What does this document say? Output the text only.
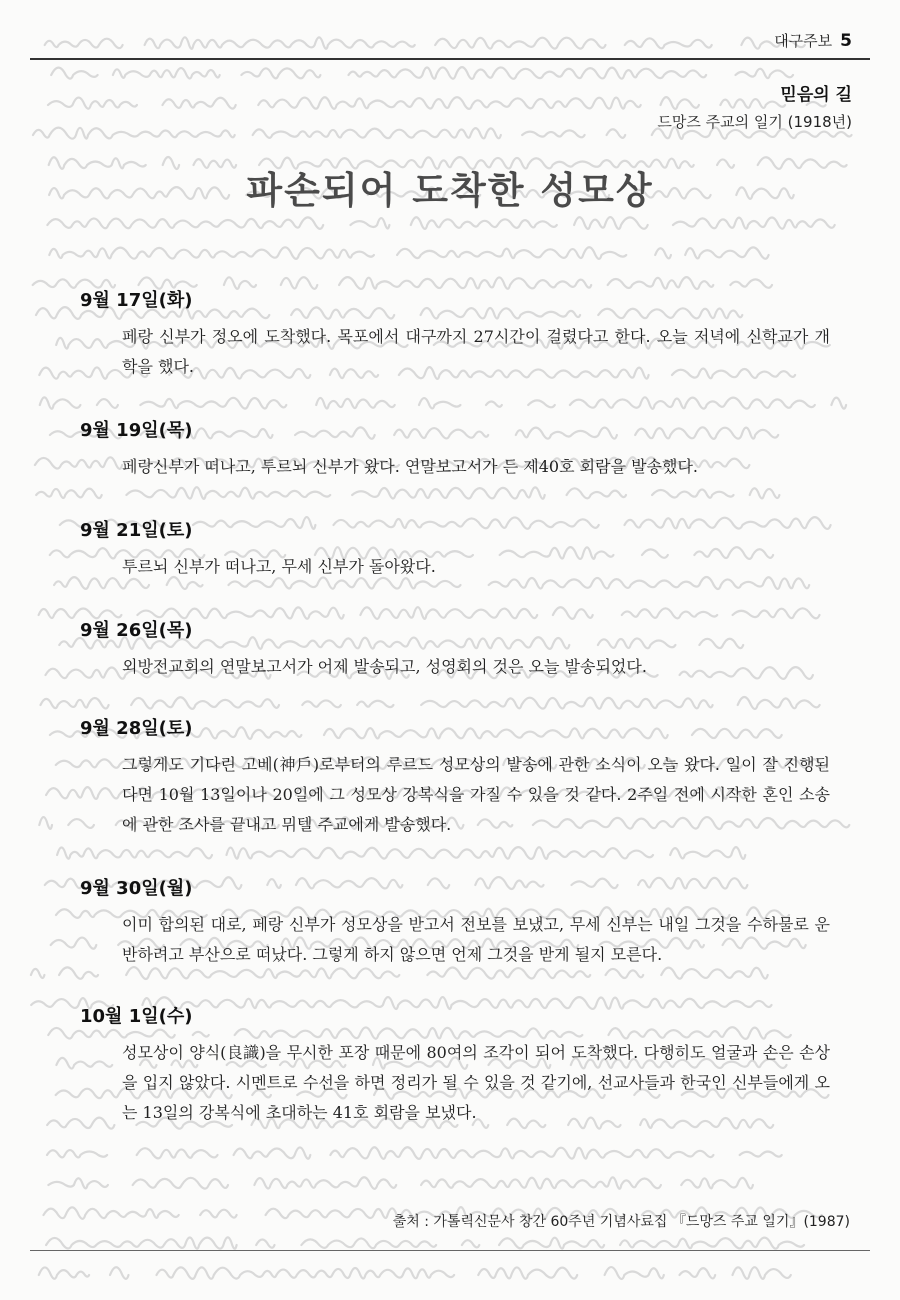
대구주보 5
믿음의 길
드망즈 주교의 일기 (1918년)
파손되어 도착한 성모상

9월 17일(화)

페랑 신부가 정오에 도착했다. 목포에서 대구까지 27시간이 걸렸다고 한다. 오늘 저녁에 신학교가 개학을 했다.

9월 19일(목)

페랑신부가 떠나고, 투르뇌 신부가 왔다. 연말보고서가 든 제40호 회람을 발송했다.

9월 21일(토)

투르뇌 신부가 떠나고, 무세 신부가 돌아왔다.

9월 26일(목)

외방전교회의 연말보고서가 어제 발송되고, 성영회의 것은 오늘 발송되었다.

9월 28일(토)

그렇게도 기다린 고베(神戶)로부터의 루르드 성모상의 발송에 관한 소식이 오늘 왔다. 일이 잘 진행된다면 10월 13일이나 20일에 그 성모상 강복식을 가질 수 있을 것 같다. 2주일 전에 시작한 혼인 소송에 관한 조사를 끝내고 뮈텔 주교에게 발송했다.

9월 30일(월)

이미 합의된 대로, 페랑 신부가 성모상을 받고서 전보를 보냈고, 무세 신부는 내일 그것을 수하물로 운반하려고 부산으로 떠났다. 그렇게 하지 않으면 언제 그것을 받게 될지 모른다.

10월 1일(수)

성모상이 양식(良識)을 무시한 포장 때문에 80여의 조각이 되어 도착했다. 다행히도 얼굴과 손은 손상을 입지 않았다. 시멘트로 수선을 하면 정리가 될 수 있을 것 같기에, 선교사들과 한국인 신부들에게 오는 13일의 강복식에 초대하는 41호 회람을 보냈다.

출처 : 가톨릭신문사 창간 60주년 기념사료집 『드망즈 주교 일기』(1987)
